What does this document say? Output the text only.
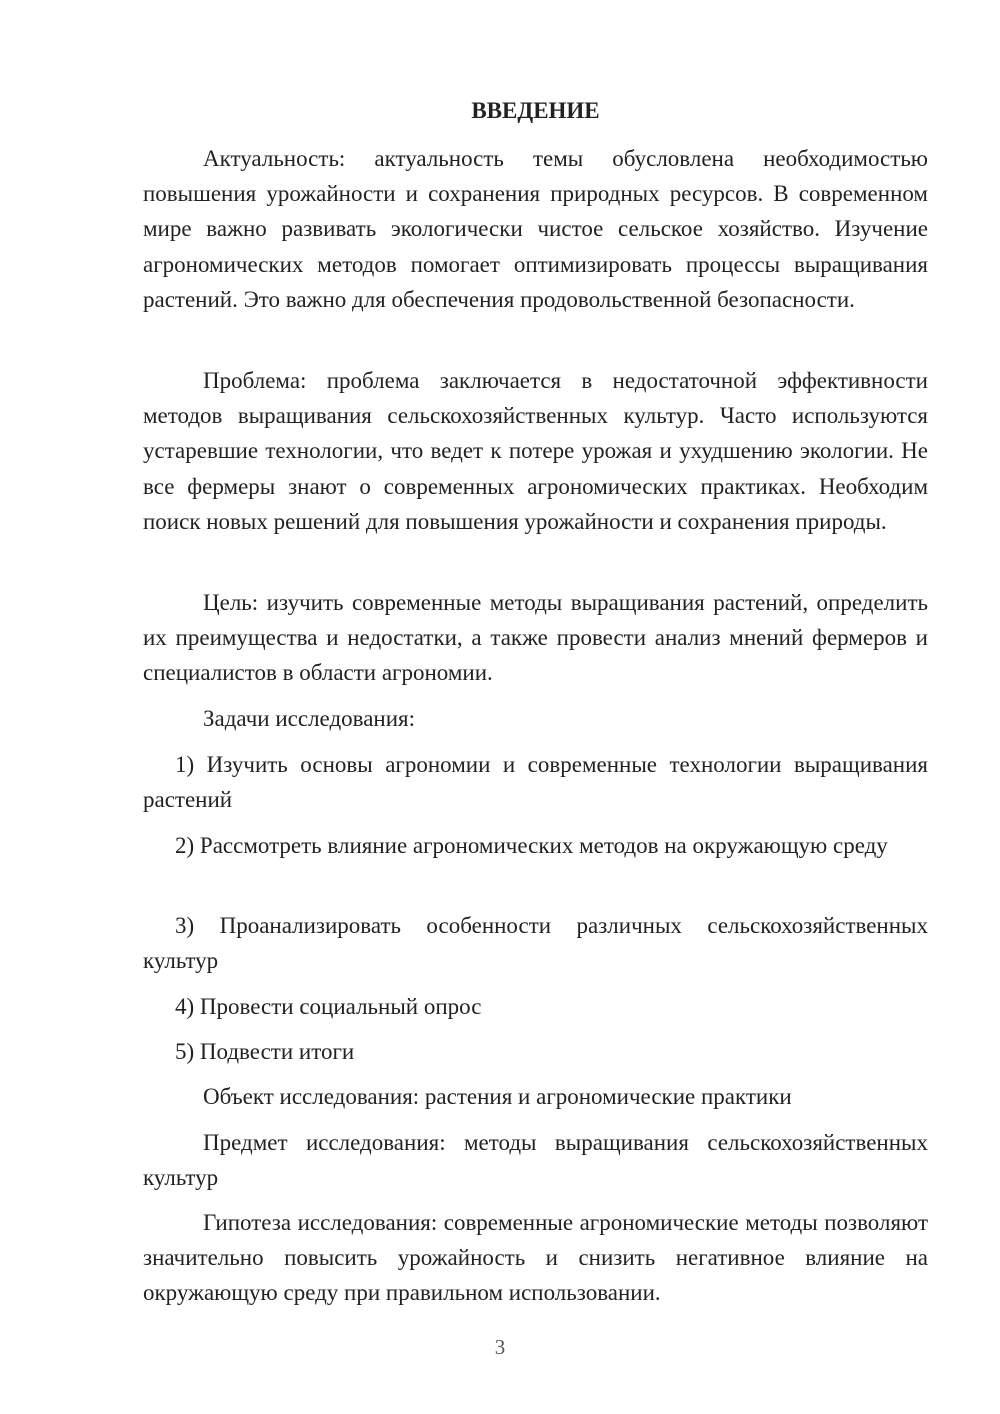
ВВЕДЕНИЕ

Актуальность: актуальность темы обусловлена необходимостью повышения урожайности и сохранения природных ресурсов. В современном мире важно развивать экологически чистое сельское хозяйство. Изучение агрономических методов помогает оптимизировать процессы выращивания растений. Это важно для обеспечения продовольственной безопасности.

Проблема: проблема заключается в недостаточной эффективности методов выращивания сельскохозяйственных культур. Часто используются устаревшие технологии, что ведет к потере урожая и ухудшению экологии. Не все фермеры знают о современных агрономических практиках. Необходим поиск новых решений для повышения урожайности и сохранения природы.

Цель: изучить современные методы выращивания растений, определить их преимущества и недостатки, а также провести анализ мнений фермеров и специалистов в области агрономии.

Задачи исследования:

1) Изучить основы агрономии и современные технологии выращивания растений

2) Рассмотреть влияние агрономических методов на окружающую среду

3) Проанализировать особенности различных сельскохозяйственных культур

4) Провести социальный опрос

5) Подвести итоги

Объект исследования: растения и агрономические практики

Предмет исследования: методы выращивания сельскохозяйственных культур

Гипотеза исследования: современные агрономические методы позволяют значительно повысить урожайность и снизить негативное влияние на окружающую среду при правильном использовании.

3
